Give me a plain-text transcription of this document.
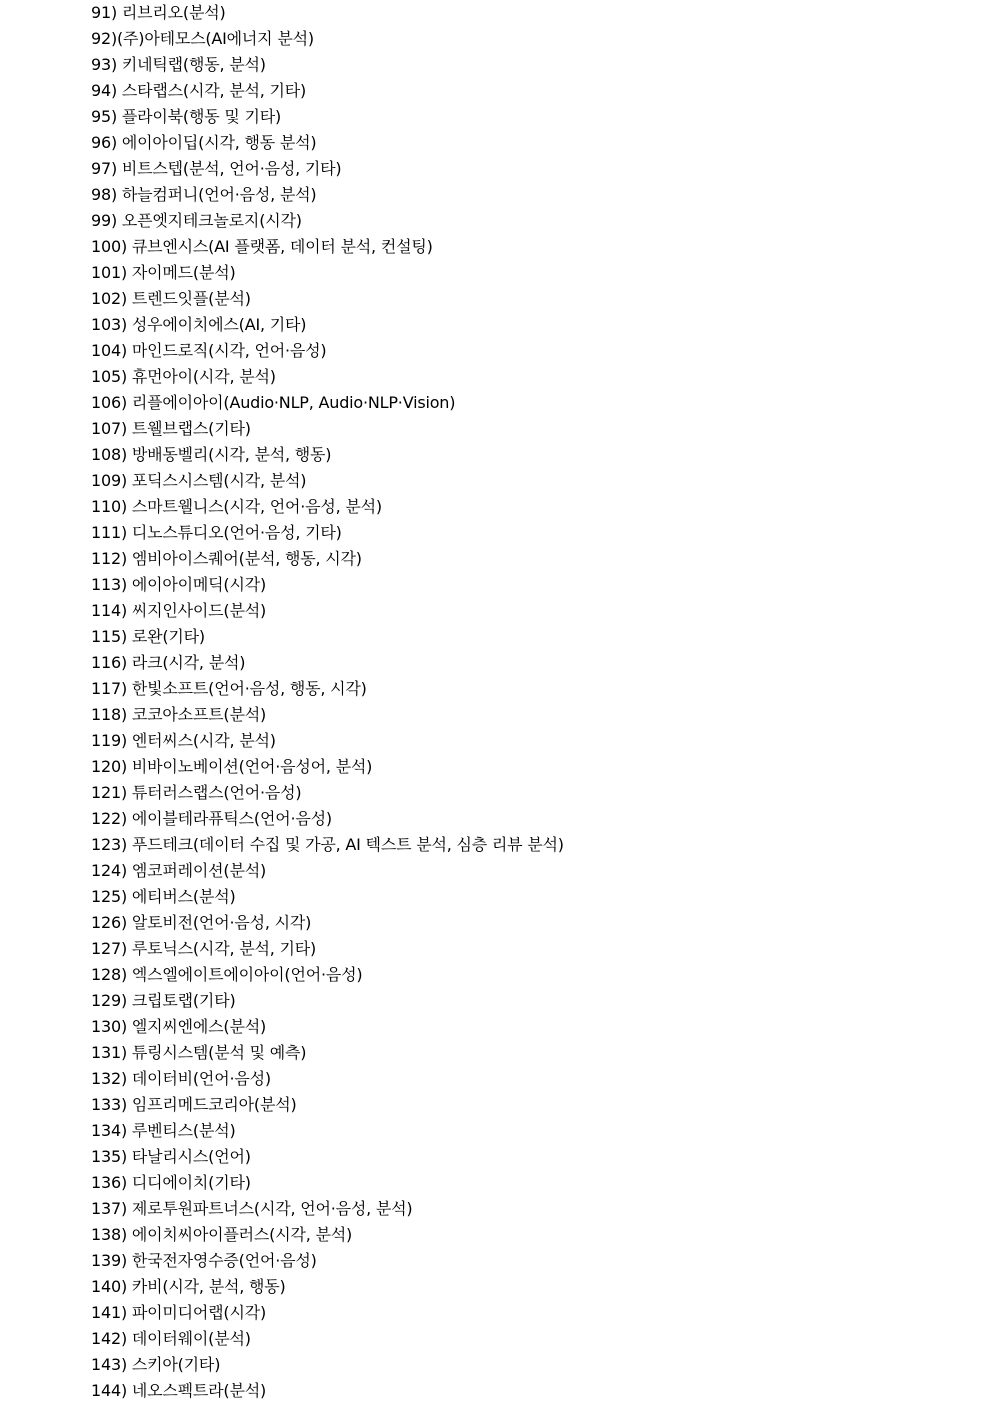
91) 리브리오(분석)
92)(주)아테모스(AI에너지 분석)
93) 키네틱랩(행동, 분석)
94) 스타랩스(시각, 분석, 기타)
95) 플라이북(행동 및 기타)
96) 에이아이딥(시각, 행동 분석)
97) 비트스텝(분석, 언어·음성, 기타)
98) 하늘컴퍼니(언어·음성, 분석)
99) 오픈엣지테크놀로지(시각)
100) 큐브엔시스(AI 플랫폼, 데이터 분석, 컨설팅)
101) 자이메드(분석)
102) 트렌드잇플(분석)
103) 성우에이치에스(AI, 기타)
104) 마인드로직(시각, 언어·음성)
105) 휴먼아이(시각, 분석)
106) 리플에이아이(Audio·NLP, Audio·NLP·Vision)
107) 트웰브랩스(기타)
108) 방배동벨리(시각, 분석, 행동)
109) 포딕스시스템(시각, 분석)
110) 스마트웰니스(시각, 언어·음성, 분석)
111) 디노스튜디오(언어·음성, 기타)
112) 엠비아이스퀘어(분석, 행동, 시각)
113) 에이아이메딕(시각)
114) 씨지인사이드(분석)
115) 로완(기타)
116) 라크(시각, 분석)
117) 한빛소프트(언어·음성, 행동, 시각)
118) 코코아소프트(분석)
119) 엔터씨스(시각, 분석)
120) 비바이노베이션(언어·음성어, 분석)
121) 튜터러스랩스(언어·음성)
122) 에이블테라퓨틱스(언어·음성)
123) 푸드테크(데이터 수집 및 가공, AI 텍스트 분석, 심층 리뷰 분석)
124) 엠코퍼레이션(분석)
125) 에티버스(분석)
126) 알토비전(언어·음성, 시각)
127) 루토닉스(시각, 분석, 기타)
128) 엑스엘에이트에이아이(언어·음성)
129) 크립토랩(기타)
130) 엘지씨엔에스(분석)
131) 튜링시스템(분석 및 예측)
132) 데이터비(언어·음성)
133) 임프리메드코리아(분석)
134) 루벤티스(분석)
135) 타날리시스(언어)
136) 디디에이치(기타)
137) 제로투원파트너스(시각, 언어·음성, 분석)
138) 에이치씨아이플러스(시각, 분석)
139) 한국전자영수증(언어·음성)
140) 카비(시각, 분석, 행동)
141) 파이미디어랩(시각)
142) 데이터웨이(분석)
143) 스키아(기타)
144) 네오스펙트라(분석)
